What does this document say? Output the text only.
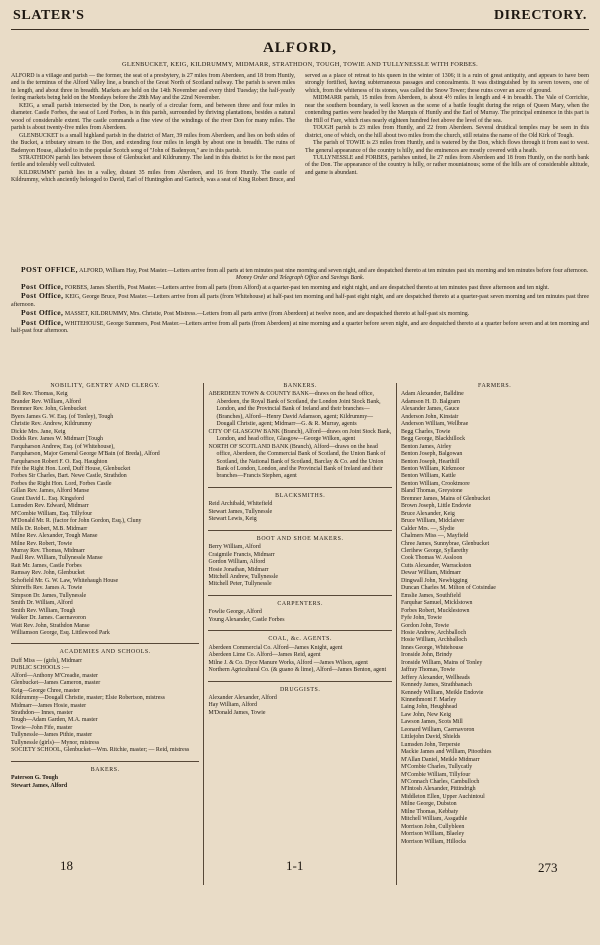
SLATER'S	DIRECTORY.
ALFORD,
GLENBUCKET, KEIG, KILDRUMMY, MIDMARR, STRATHDON, TOUGH, TOWIE AND TULLYNESSLE WITH FORBES.

ALFORD is a village and parish — the former, the seat of a presbytery, is 27 miles from Aberdeen, and 18 from Huntly, and is the terminus of the Alford Valley line, a branch of the Great North of Scotland railway. The parish is seven miles in length, and about three in breadth. Markets are held on the 14th November and every third Tuesday; the half-yearly feeing markets being held on the Mondays before the 28th May and the 22nd November.

KEIG, a small parish intersected by the Don, is nearly of a circular form, and between three and four miles in diameter. Castle Forbes, the seat of Lord Forbes, is in this parish, surrounded by thriving plantations, besides a natural wood of considerable extent. The castle commands a fine view of the windings of the river Don for many miles. The parish is about twenty-five miles from Aberdeen.

GLENBUCKET is a small highland parish in the district of Marr, 39 miles from Aberdeen, and lies on both sides of the Bucket, a tributary stream to the Don, and extending four miles in length by about one in breadth. The ruins of Badenyon House, alluded to in the popular Scotch song of "John of Badenyon," are in this parish.

STRATHDON parish lies between those of Glenbucket and Kildrummy. The land in this district is for the most part fertile and tolerably well cultivated.

KILDRUMMY parish lies in a valley, distant 35 miles from Aberdeen, and 16 from Huntly. The castle of Kildrummy, which anciently belonged to David, Earl of Huntingdon and Garioch, was a seat of King Robert Bruce, and served as a place of retreat to his queen in the winter of 1306; it is a ruin of great antiquity, and appears to have been strongly fortified, having subterraneous passages and concealments. It was distinguished by its seven towers, one of which, from the whiteness of its stones, was called the Snow Tower; these ruins cover an acre of ground.

MIDMARR parish, 15 miles from Aberdeen, is about 4½ miles in length and 4 in breadth. The Vale of Corrichie, near the southern boundary, is well known as the scene of a battle fought during the reign of Queen Mary, when the contending parties were headed by the Marquis of Huntly and the Earl of Murray. The principal eminence in this part is the Hill of Fare, which rises nearly eighteen hundred feet above the level of the sea.

TOUGH parish is 23 miles from Huntly, and 22 from Aberdeen. Several druidical temples may be seen in this district, one of which, on the hill about two miles from the church, still retains the name of the Old Kirk of Tough.

The parish of TOWIE is 23 miles from Huntly, and is watered by the Don, which flows through it from east to west. The general appearance of the country is hilly, and the eminences are mostly covered with a heath.

TULLYNESSLE and FORBES, parishes united, lie 27 miles from Aberdeen and 18 from Huntly, on the north bank of the Don. The appearance of the country is hilly, or rather mountainous; some of the hills are of considerable altitude, and game is abundant.

POST OFFICE, ALFORD, William Hay, Post Master.—Letters arrive from all parts at ten minutes past nine morning and seven night, and are despatched thereto at ten minutes past six morning and ten minutes before four afternoon.

Money Order and Telegraph Office and Savings Bank.

Post Office, FORBES, James Sheriffs, Post Master.—Letters arrive from all parts (from Alford) at a quarter-past ten morning and eight night, and are despatched thereto at ten minutes past three afternoon and ten night.

Post Office, KEIG, George Bruce, Post Master.—Letters arrive from all parts (from Whitehouse) at half-past ten morning and half-past eight night, and are despatched thereto at a quarter-past seven morning and ten minutes past three afternoon.

Post Office, MASSET, KILDRUMMY, Mrs. Christie, Post Mistress.—Letters from all parts arrive (from Aberdeen) at twelve noon, and are despatched thereto at half-past six morning.

Post Office, WHITEHOUSE, George Summers, Post Master.—Letters arrive from all parts (from Aberdeen) at nine morning and a quarter before seven night, and are despatched thereto at a quarter before seven and at ten morning and half-past four afternoon.

NOBILITY, GENTRY AND CLERGY.
Bell Rev. Thomas, Keig
Brander Rev. William, Alford
Bremner Rev. John, Glenbucket
Byers James G. W. Esq. (of Tonley), Tough
Christie Rev. Andrew, Kildrummy
Dickie Mrs. Jane, Keig
Dodds Rev. James W. Midmarr [Tough
Farquharson Andrew, Esq. (of Whitehouse),
Farquharson, Major General George M'Bain (of Breda), Alford
Farquharson Robert F. O. Esq. Haughton
Fife the Right Hon. Lord, Duff House, Glenbucket
Forbes Sir Charles, Bart. Newe Castle, Strathdon
Forbes the Right Hon. Lord, Forbes Castle
Gillan Rev. James, Alford Manse
Grant David L. Esq. Kingsford
Lumsden Rev. Edward, Midmarr
M'Combie William, Esq. Tillyfour
M'Donald Mr. R. (factor for John Gordon, Esq.), Cluny
Mills Dr. Robert, M.B. Midmarr
Milne Rev. Alexander, Tough Manse
Milne Rev. Robert, Towie
Murray Rev. Thomas, Midmarr
Paull Rev. William, Tullynessle Manse
Rait Mr. James, Castle Forbes
Ramsay Rev. John, Glenbucket
Schofield Mr. G. W. Law, Whitehaugh House
Shirreffs Rev. James A. Towie
Simpson Dr. James, Tullynessle
Smith Dr. William, Alford
Smith Rev. William, Tough
Walker Dr. James. Caernavoron
Watt Rev. John, Strathdon Manse
Williamson George, Esq. Littlewood Park
ACADEMIES AND SCHOOLS.
Duff Miss — (girls), Midmarr
PUBLIC SCHOOLS :—
Alford—Anthony M'Creadie, master
Glenbucket—James Cameron, master
Keig—George Chree, master
Kildrummy—Dougall Christie, master; Elsie Robertson, mistress
Midmarr—James Hosie, master
Strathdon— Innes, master
Tough—Adam Garden, M.A. master
Towie—John Fife, master
Tullynessle—James Pithie, master
Tullynessle (girls)— Mynor, mistress
SOCIETY SCHOOL, Glenbucket—Wm. Ritchie, master; — Reid, mistress
BAKERS.
Paterson G. Tough
Stewart James, Alford
BANKERS.
ABERDEEN TOWN & COUNTY BANK—draws on the head office, Aberdeen, the Royal Bank of Scotland, the London Joint Stock Bank, London, and the Provincial Bank of Ireland and their branches—(Branches), Alford—Henry David Adamson, agent; Kildrummy—Dougall Christie, agent; Midmarr—G. & R. Murray, agents
CITY OF GLASGOW BANK (Branch), Alford—draws on Joint Stock Bank, London, and head office, Glasgow—George Wilken, agent
NORTH OF SCOTLAND BANK (Branch), Alford—draws on the head office, Aberdeen, the Commercial Bank of Scotland, the Union Bank of Scotland, the National Bank of Scotland, Barclay & Co. and the Union Bank of London, London, and the Provincial Bank of Ireland and their branches—Francis Stephen, agent
BLACKSMITHS.
Reid Archibald, Whitefield
Stewart James, Tullynessle
Stewart Lewis, Keig
BOOT AND SHOE MAKERS.
Berry William, Alford
Craigmile Francis, Midmarr
Gordon William, Alford
Hosie Jonathan, Midmarr
Mitchell Andrew, Tullynessle
Mitchell Peter, Tullynessle
CARPENTERS.
Fowlie George, Alford
Young Alexander, Castle Forbes
COAL, &c. AGENTS.
Aberdeen Commercial Co. Alford—James Knight, agent
Aberdeen Lime Co. Alford—James Reid, agent
Milne J. & Co. Dyce Manure Works, Alford —James Wilson, agent
Northern Agricultural Co. (& guano & lime), Alford—James Benton, agent
DRUGGISTS.
Alexander Alexander, Alford
Hay William, Alford
M'Donald James, Towie
FARMERS.
Adam Alexander, Balldine
Adamson H. D. Balgrarn
Alexander James, Gauce
Anderson John, Kinstair
Anderson William, Wellbrae
Begg Charles, Towie
Begg George, Blackhillock
Benton James, Airley
Benton Joseph, Balgowan
Benton Joseph, Hearthill
Benton William, Kirkmoor
Benton William, Kattle
Benton William, Crooktmore
Bland Thomas, Greystone
Bremner James, Mains of Glenbucket
Brown Joseph, Little Endovie
Bruce Alexander, Keig
Bruce William, Midclaiver
Calder Mrs. —, Slydie
Chalmers Miss —, Mayfield
Chree James, Sunnybrae, Glenbucket
Clerihew George, Syllarethy
Cook Thomas W. Assloon
Cutts Alexander, Warrackston
Dewar William, Midmarr
Dingwall John, Newbigging
Duncan Charles M. Milton of Cotsindae
Emslie James, Southfield
Farquhar Samuel, Micklstown
Forbes Robert, Mucklestown
Fyfe John, Towie
Gordon John, Towie
Hosie Andrew, Archballoch
Hosie William, Archballoch
Innes George, Whitehouse
Ironside John, Brindy
Ironside William, Mains of Tonley
Jaffray Thomas, Towie
Jeffery Alexander, Wellheads
Kennedy James, Strathbanach
Kennedy William, Meikle Endovie
Kinnethmont F. Marley
Laing John, Heughhead
Law John, New Keig
Lawson James, Scots Mill
Leonard William, Caernavoron
Littlejohn David, Shields
Lumsden John, Terpersie
Mackie James and William, Pitoothies
M'Allan Daniel, Meikle Midmarr
M'Combie Charles, Tullycatly
M'Combie William, Tillyfour
M'Connach Charles, Cambulloch
M'Intosh Alexander, Pittindrigh
Middleton Ellen, Upper Auchintoul
Milne George, Dubston
Milne Thomas, Kebbaty
Mitchell William, Assgathle
Morrison John, Cullybleen
Morrison William, Blaeley
Morrison William, Hillocks
18	1-1	273
